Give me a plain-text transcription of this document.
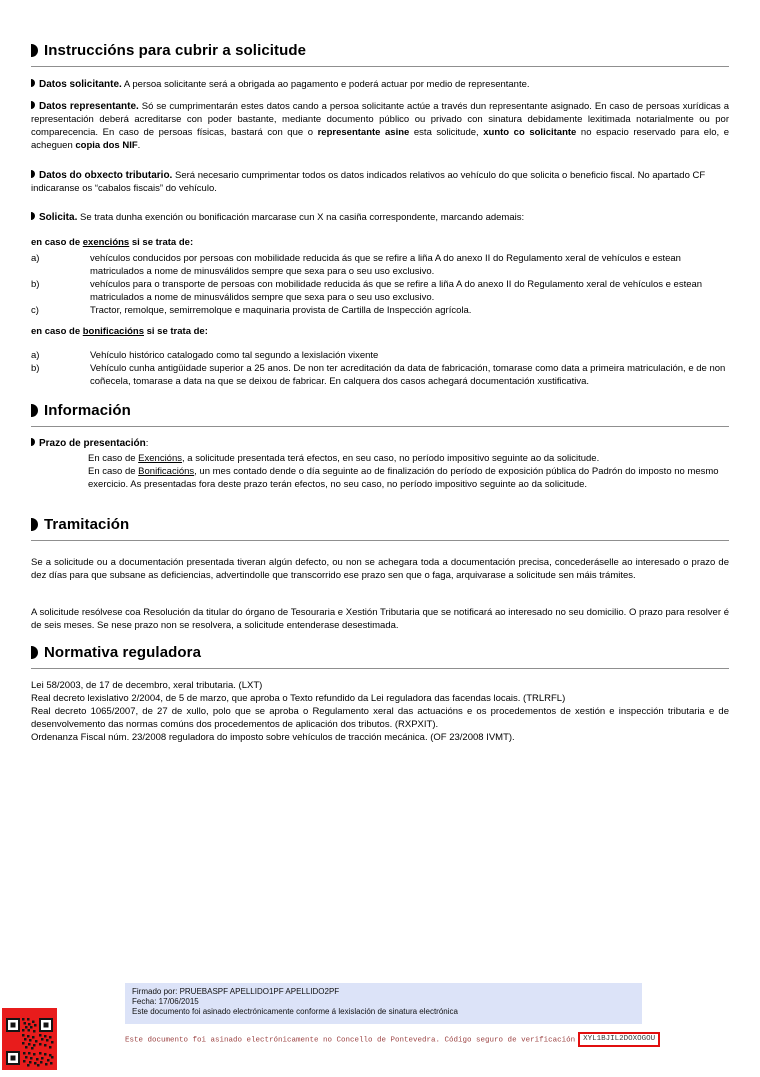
Instruccións para cubrir a solicitude
Datos solicitante. A persoa solicitante será a obrigada ao pagamento e poderá actuar por medio de representante.
Datos representante. Só se cumprimentarán estes datos cando a persoa solicitante actúe a través dun representante asignado. En caso de persoas xurídicas a representación deberá acreditarse con poder bastante, mediante documento público ou privado con sinatura debidamente lexitimada notarialmente ou por comparecencia. En caso de persoas físicas, bastará con que o representante asine esta solicitude, xunto co solicitante no espacio reservado para elo, e acheguen copia dos NIF.
Datos do obxecto tributario. Será necesario cumprimentar todos os datos indicados relativos ao vehículo do que solicita o beneficio fiscal. No apartado CF indicaranse os “cabalos fiscais” do vehículo.
Solicita. Se trata dunha exención ou bonificación marcarase cun X na casiña correspondente, marcando ademais:
en caso de exencións si se trata de:
a)	vehículos conducidos por persoas con mobilidade reducida ás que se refire a liña A do anexo II do Regulamento xeral de vehículos e estean matriculados a nome de minusválidos sempre que sexa para o seu uso exclusivo.
b)	vehículos para o transporte de persoas con mobilidade reducida ás que se refire a liña A do anexo II do Regulamento xeral de vehículos e estean matriculados a nome de minusválidos sempre que sexa para o seu uso exclusivo.
c)	Tractor, remolque, semirremolque e maquinaria provista de Cartilla de Inspección agrícola.
en caso de bonificacións si se trata de:
a)	Vehículo histórico catalogado como tal segundo a lexislación vixente
b)	Vehículo cunha antigüidade superior a 25 anos. De non ter acreditación da data de fabricación, tomarase como data a primeira matriculación, e de non coñecela, tomarase a data na que se deixou de fabricar. En calquera dos casos achegará documentación xustificativa.
Información
Prazo de presentación:
En caso de Exencións, a solicitude presentada terá efectos, en seu caso, no período impositivo seguinte ao da solicitude.
En caso de Bonificacións, un mes contado dende o día seguinte ao de finalización do período de exposición pública do Padrón do imposto no mesmo exercicio. As presentadas fora deste prazo terán efectos, no seu caso, no período impositivo seguinte ao da solicitude.
Tramitación
Se a solicitude ou a documentación presentada tiveran algún defecto, ou non se achegara toda a documentación precisa, concederáselle ao interesado o prazo de dez días para que subsane as deficiencias, advertindolle que transcorrido ese prazo sen que o faga, arquivarase a solicitude sen máis trámites.
A solicitude resólvese coa Resolución da titular do órgano de Tesouraria e Xestión Tributaria que se notificará ao interesado no seu domicilio. O prazo para resolver é de seis meses. Se nese prazo non se resolvera, a solicitude entenderase desestimada.
Normativa reguladora
Lei 58/2003, de 17 de decembro, xeral tributaria. (LXT)
Real decreto lexislativo 2/2004, de 5 de marzo, que aproba o Texto refundido da Lei reguladora das facendas locais. (TRLRFL)
Real decreto 1065/2007, de 27 de xullo, polo que se aproba o Regulamento xeral das actuacións e os procedementos de xestión e inspección tributaria e de desenvolvemento das normas comúns dos procedementos de aplicación dos tributos. (RXPXIT).
Ordenanza Fiscal núm. 23/2008 reguladora do imposto sobre vehículos de tracción mecánica. (OF 23/2008 IVMT).
Firmado por: PRUEBASPF APELLIDO1PF APELLIDO2PF
Fecha: 17/06/2015
Este documento foi asinado electrónicamente conforme á lexislación de sinatura electrónica
Este documento foi asinado electrónicamente no Concello de Pontevedra. Código seguro de verificación XYL1BJIL2DOXOGOU
